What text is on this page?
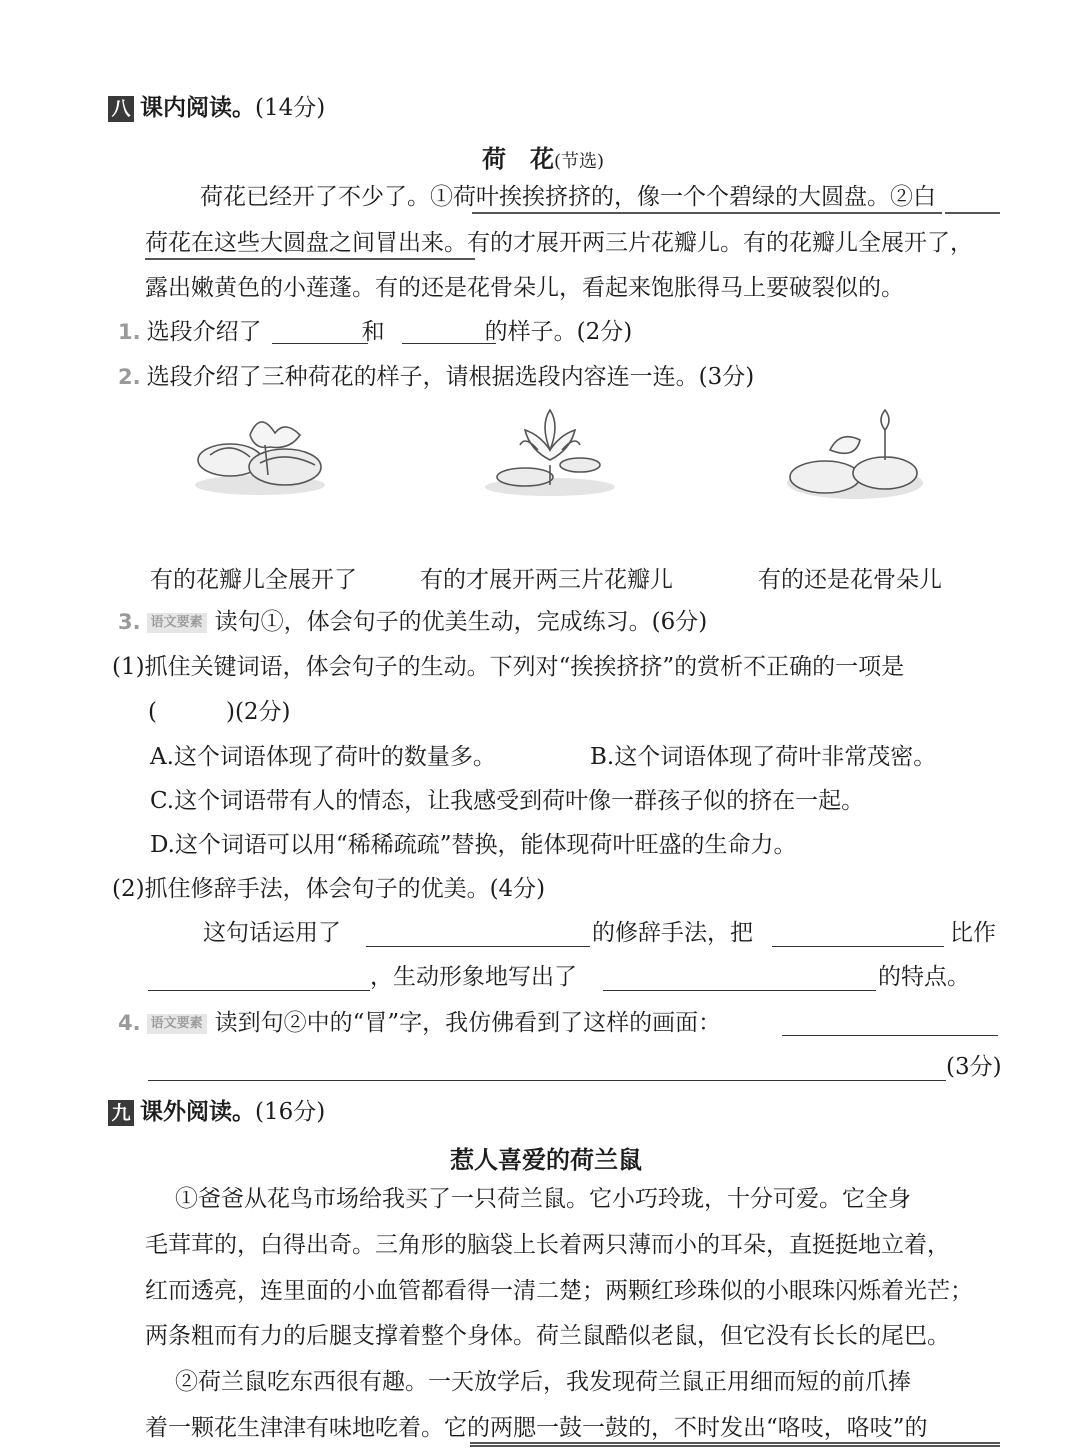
八 课内阅读。(14分)
荷　花(节选)
荷花已经开了不少了。①荷叶挨挨挤挤的，像一个个碧绿的大圆盘。②白
荷花在这些大圆盘之间冒出来。有的才展开两三片花瓣儿。有的花瓣儿全展开了，
露出嫩黄色的小莲蓬。有的还是花骨朵儿，看起来饱胀得马上要破裂似的。
1. 选段介绍了	和	的样子。(2分)
2. 选段介绍了三种荷花的样子，请根据选段内容连一连。(3分)
有的花瓣儿全展开了	有的才展开两三片花瓣儿	有的还是花骨朵儿
3. 语文要素 读句①，体会句子的优美生动，完成练习。(6分)
(1)抓住关键词语，体会句子的生动。下列对“挨挨挤挤”的赏析不正确的一项是
(　　　)(2分)
A.这个词语体现了荷叶的数量多。	B.这个词语体现了荷叶非常茂密。
C.这个词语带有人的情态，让我感受到荷叶像一群孩子似的挤在一起。
D.这个词语可以用“稀稀疏疏”替换，能体现荷叶旺盛的生命力。
(2)抓住修辞手法，体会句子的优美。(4分)
这句话运用了	的修辞手法，把	比作
，生动形象地写出了	的特点。
4. 语文要素 读到句②中的“冒”字，我仿佛看到了这样的画面：
(3分)
九 课外阅读。(16分)
惹人喜爱的荷兰鼠
①爸爸从花鸟市场给我买了一只荷兰鼠。它小巧玲珑，十分可爱。它全身
毛茸茸的，白得出奇。三角形的脑袋上长着两只薄而小的耳朵，直挺挺地立着，
红而透亮，连里面的小血管都看得一清二楚；两颗红珍珠似的小眼珠闪烁着光芒；
两条粗而有力的后腿支撑着整个身体。荷兰鼠酷似老鼠，但它没有长长的尾巴。
②荷兰鼠吃东西很有趣。一天放学后，我发现荷兰鼠正用细而短的前爪捧
着一颗花生津津有味地吃着。它的两腮一鼓一鼓的，不时发出“咯吱，咯吱”的
